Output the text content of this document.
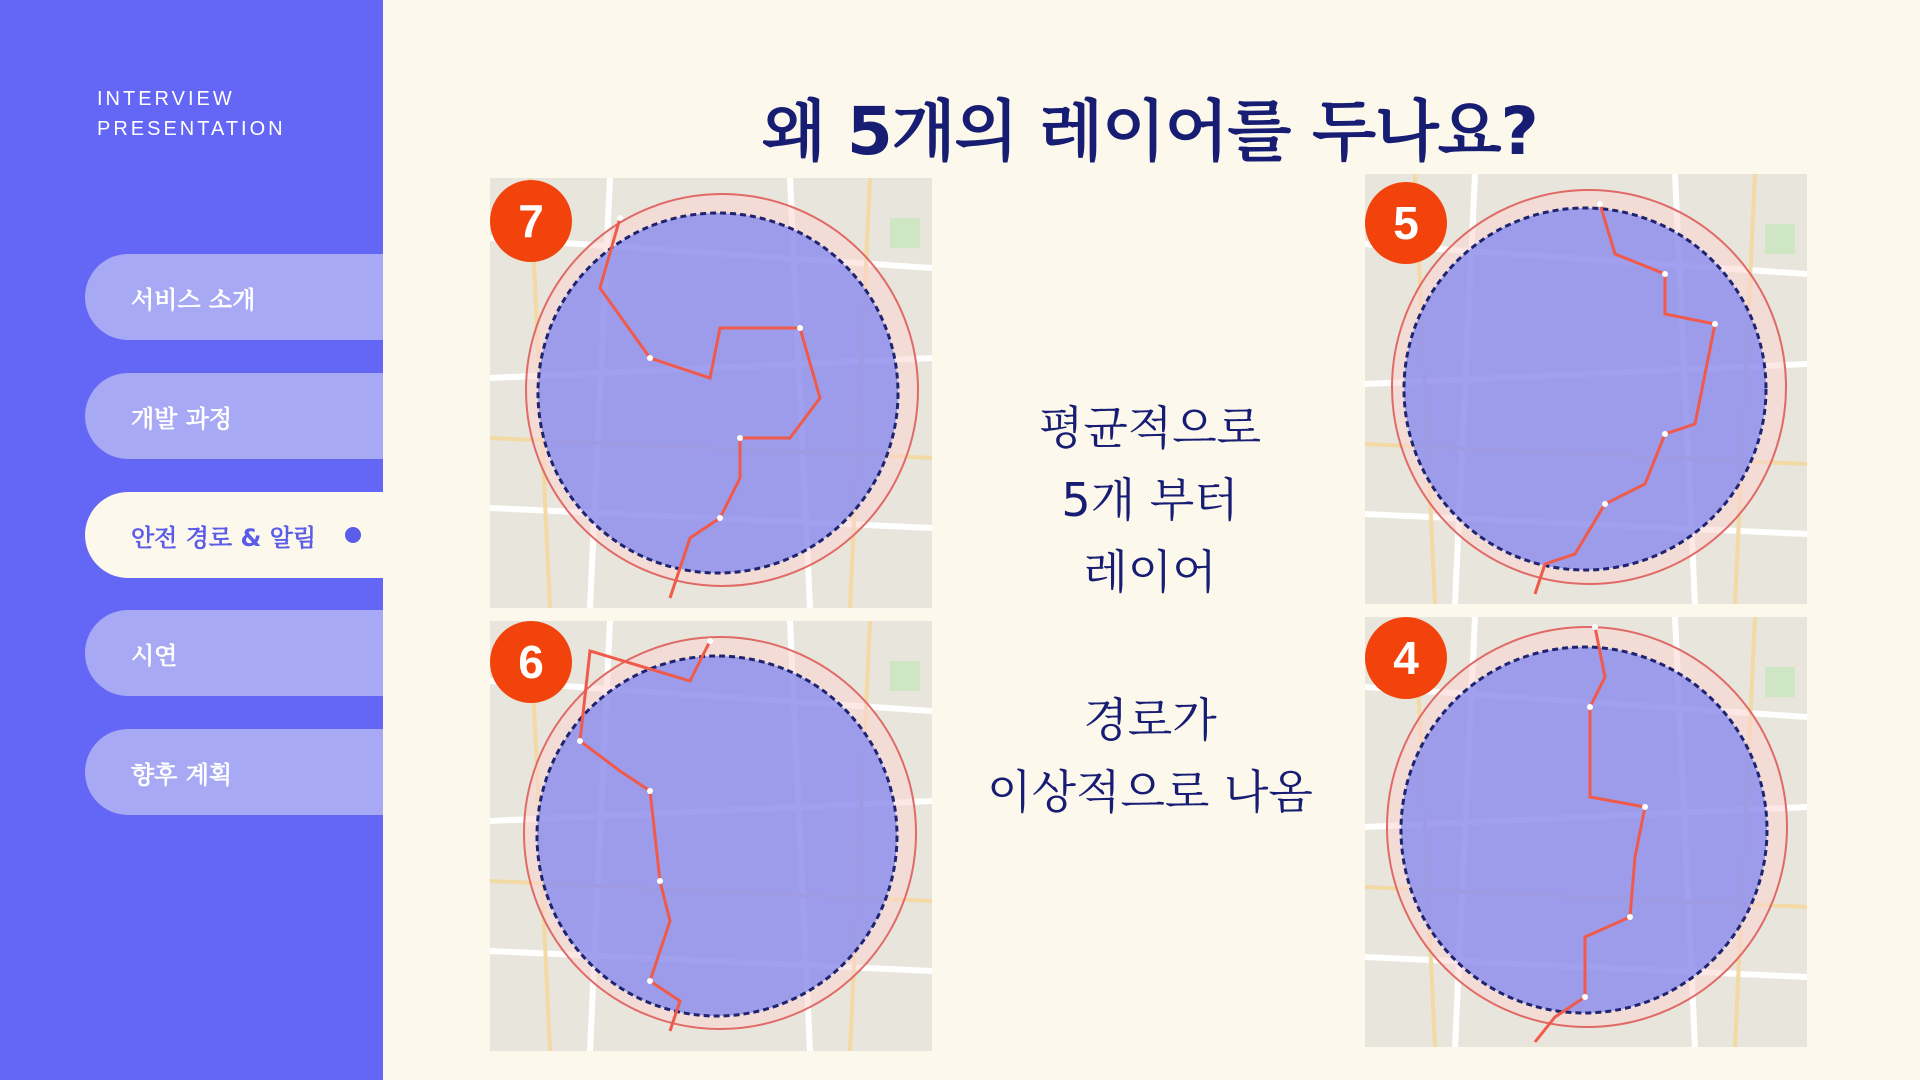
INTERVIEW
PRESENTATION
서비스 소개
개발 과정
안전 경로 & 알림
시연
향후 계획
왜 5개의 레이어를 두나요?
7	5
6	4
평균적으로
5개 부터
레이어
경로가
이상적으로 나옴
